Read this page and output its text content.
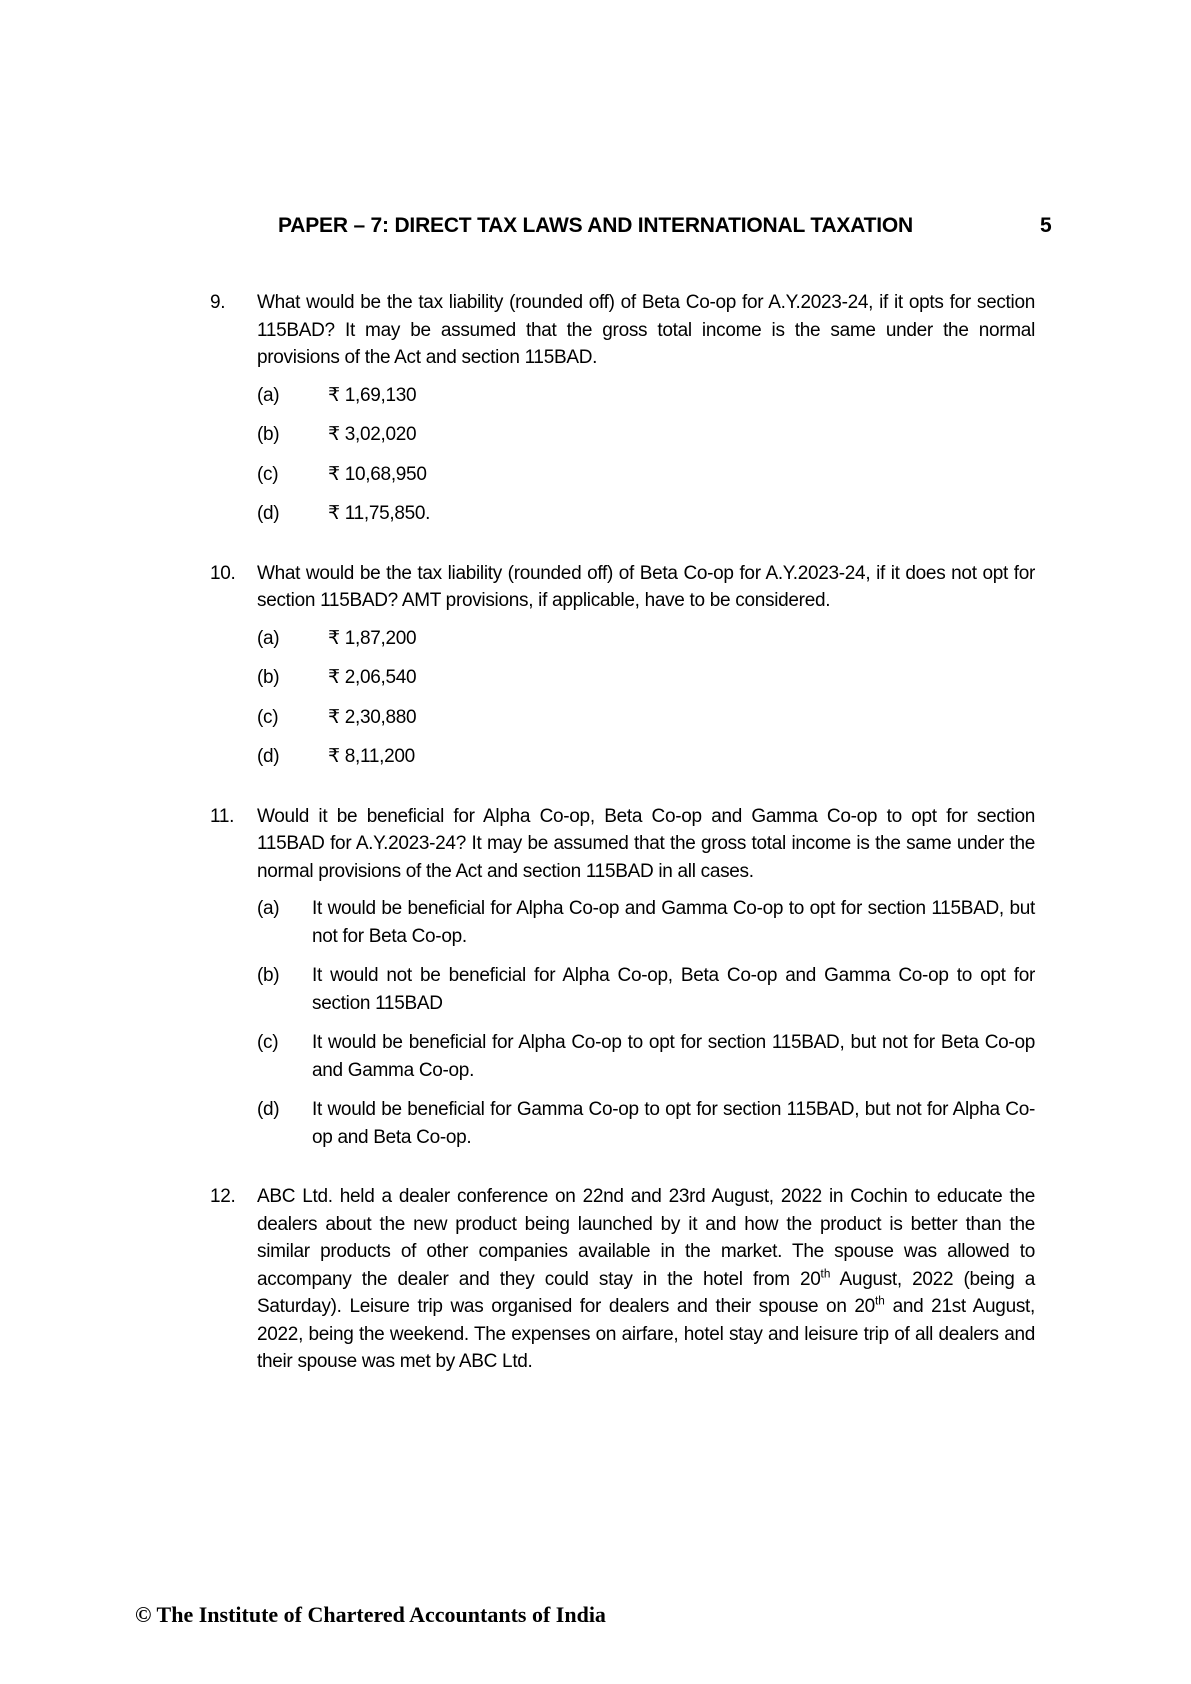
PAPER – 7: DIRECT TAX LAWS AND INTERNATIONAL TAXATION	5
9.	What would be the tax liability (rounded off) of Beta Co-op for A.Y.2023-24, if it opts for section 115BAD? It may be assumed that the gross total income is the same under the normal provisions of the Act and section 115BAD.

(a)	₹ 1,69,130
(b)	₹ 3,02,020
(c)	₹ 10,68,950
(d)	₹ 11,75,850.
10.	What would be the tax liability (rounded off) of Beta Co-op for A.Y.2023-24, if it does not opt for section 115BAD? AMT provisions, if applicable, have to be considered.

(a)	₹ 1,87,200
(b)	₹ 2,06,540
(c)	₹ 2,30,880
(d)	₹ 8,11,200
11.	Would it be beneficial for Alpha Co-op, Beta Co-op and Gamma Co-op to opt for section 115BAD for A.Y.2023-24? It may be assumed that the gross total income is the same under the normal provisions of the Act and section 115BAD in all cases.

(a)	It would be beneficial for Alpha Co-op and Gamma Co-op to opt for section 115BAD, but not for Beta Co-op.
(b)	It would not be beneficial for Alpha Co-op, Beta Co-op and Gamma Co-op to opt for section 115BAD
(c)	It would be beneficial for Alpha Co-op to opt for section 115BAD, but not for Beta Co-op and Gamma Co-op.
(d)	It would be beneficial for Gamma Co-op to opt for section 115BAD, but not for Alpha Co-op and Beta Co-op.
12.	ABC Ltd. held a dealer conference on 22nd and 23rd August, 2022 in Cochin to educate the dealers about the new product being launched by it and how the product is better than the similar products of other companies available in the market. The spouse was allowed to accompany the dealer and they could stay in the hotel from 20th August, 2022 (being a Saturday). Leisure trip was organised for dealers and their spouse on 20th and 21st August, 2022, being the weekend. The expenses on airfare, hotel stay and leisure trip of all dealers and their spouse was met by ABC Ltd.

© The Institute of Chartered Accountants of India
